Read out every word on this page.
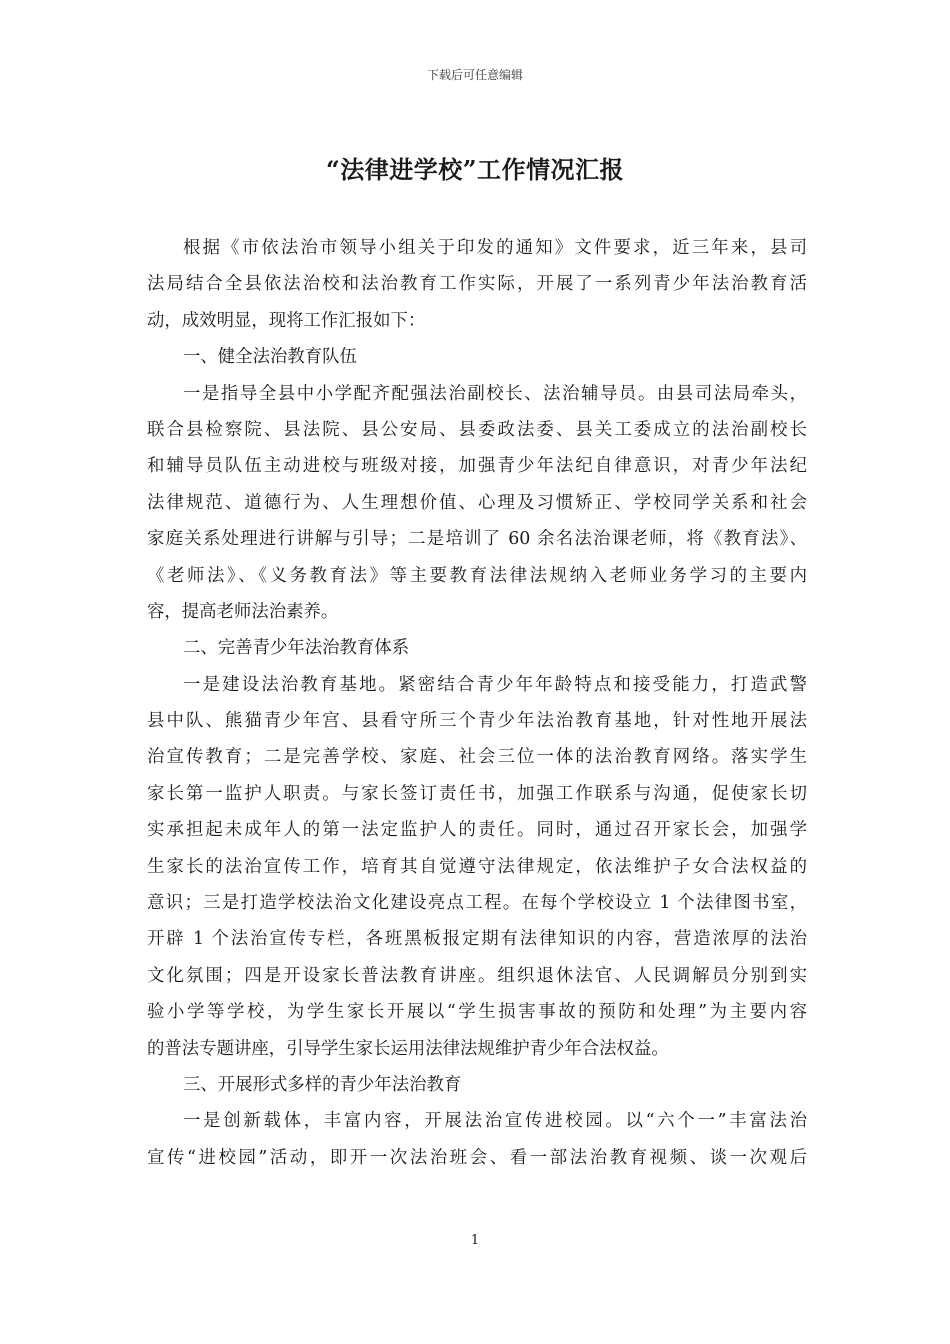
下载后可任意编辑
“法律进学校”工作情况汇报
根据《市依法治市领导小组关于印发的通知》文件要求，近三年来，县司
法局结合全县依法治校和法治教育工作实际，开展了一系列青少年法治教育活
动，成效明显，现将工作汇报如下：
一、健全法治教育队伍
一是指导全县中小学配齐配强法治副校长、法治辅导员。由县司法局牵头，
联合县检察院、县法院、县公安局、县委政法委、县关工委成立的法治副校长
和辅导员队伍主动进校与班级对接，加强青少年法纪自律意识，对青少年法纪
法律规范、道德行为、人生理想价值、心理及习惯矫正、学校同学关系和社会
家庭关系处理进行讲解与引导；二是培训了 60 余名法治课老师，将《教育法》、
《老师法》、《义务教育法》等主要教育法律法规纳入老师业务学习的主要内
容，提高老师法治素养。
二、完善青少年法治教育体系
一是建设法治教育基地。紧密结合青少年年龄特点和接受能力，打造武警
县中队、熊猫青少年宫、县看守所三个青少年法治教育基地，针对性地开展法
治宣传教育；二是完善学校、家庭、社会三位一体的法治教育网络。落实学生
家长第一监护人职责。与家长签订责任书，加强工作联系与沟通，促使家长切
实承担起未成年人的第一法定监护人的责任。同时，通过召开家长会，加强学
生家长的法治宣传工作，培育其自觉遵守法律规定，依法维护子女合法权益的
意识；三是打造学校法治文化建设亮点工程。在每个学校设立 1 个法律图书室，
开辟 1 个法治宣传专栏，各班黑板报定期有法律知识的内容，营造浓厚的法治
文化氛围；四是开设家长普法教育讲座。组织退休法官、人民调解员分别到实
验小学等学校，为学生家长开展以“学生损害事故的预防和处理”为主要内容
的普法专题讲座，引导学生家长运用法律法规维护青少年合法权益。
三、开展形式多样的青少年法治教育
一是创新载体，丰富内容，开展法治宣传进校园。以“六个一”丰富法治
宣传“进校园”活动，即开一次法治班会、看一部法治教育视频、谈一次观后
1
